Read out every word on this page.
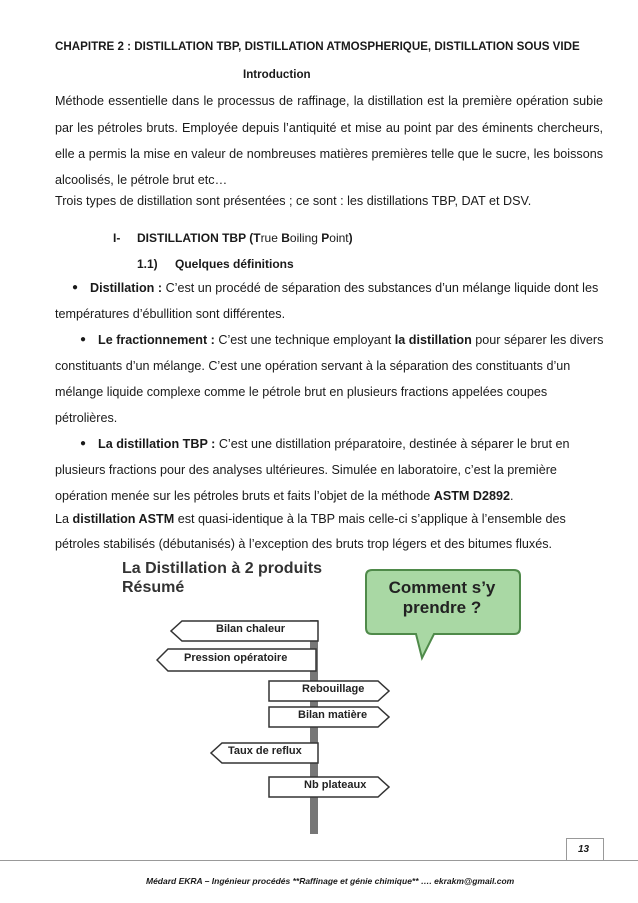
CHAPITRE 2 : DISTILLATION TBP, DISTILLATION ATMOSPHERIQUE, DISTILLATION SOUS VIDE
Introduction
Méthode essentielle dans le processus de raffinage, la distillation est la première opération subie
par les pétroles bruts. Employée depuis l’antiquité et mise au point par des éminents chercheurs,
elle a permis la mise en valeur de nombreuses matières premières telle que le sucre, les boissons
alcoolisés, le pétrole brut etc…
Trois types de distillation sont présentées ; ce sont : les distillations TBP, DAT et DSV.
I- DISTILLATION TBP (True Boiling Point)
1.1) Quelques définitions
● Distillation : C’est un procédé de séparation des substances d’un mélange liquide dont les
températures d’ébullition sont différentes.
● Le fractionnement : C’est une technique employant la distillation pour séparer les divers
constituants d’un mélange. C’est une opération servant à la séparation des constituants d’un
mélange liquide complexe comme le pétrole brut en plusieurs fractions appelées coupes
pétrolières.
● La distillation TBP : C’est une distillation préparatoire, destinée à séparer le brut en
plusieurs fractions pour des analyses ultérieures. Simulée en laboratoire, c’est la première
opération menée sur les pétroles bruts et faits l’objet de la méthode ASTM D2892.
La distillation ASTM est quasi-identique à la TBP mais celle-ci s’applique à l’ensemble des
pétroles stabilisés (débutanisés) à l’exception des bruts trop légers et des bitumes fluxés.
La Distillation à 2 produits
Résumé	Comment s’y
prendre ?
Bilan chaleur
Pression opératoire
Rebouillage
Bilan matière
Taux de reflux
Nb plateaux
13
Médard EKRA – Ingénieur procédés **Raffinage et génie chimique** …. ekrakm@gmail.com
